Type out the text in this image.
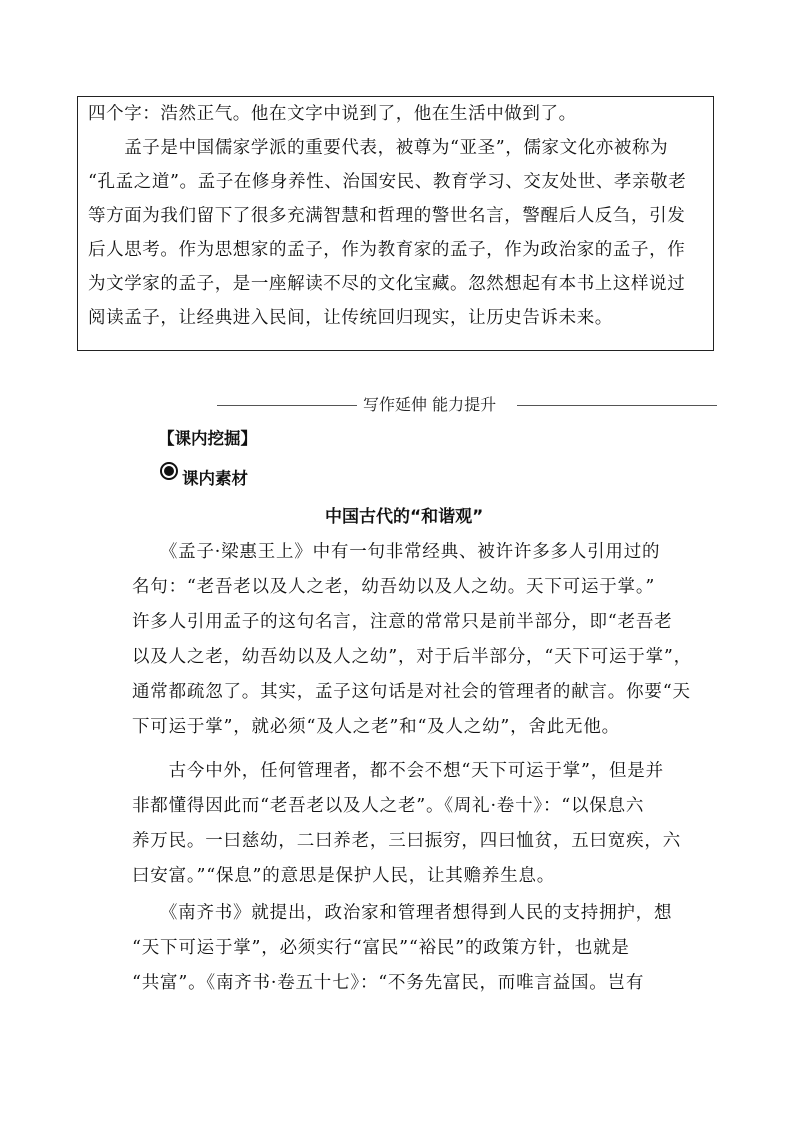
四个字：浩然正气。他在文字中说到了，他在生活中做到了。
　　孟子是中国儒家学派的重要代表，被尊为“亚圣”，儒家文化亦被称为
“孔孟之道”。孟子在修身养性、治国安民、教育学习、交友处世、孝亲敬老
等方面为我们留下了很多充满智慧和哲理的警世名言，警醒后人反刍，引发
后人思考。作为思想家的孟子，作为教育家的孟子，作为政治家的孟子，作
为文学家的孟子，是一座解读不尽的文化宝藏。忽然想起有本书上这样说过
阅读孟子，让经典进入民间，让传统回归现实，让历史告诉未来。
写作延伸 能力提升
【课内挖掘】
课内素材
中国古代的“和谐观”
　　《孟子·梁惠王上》中有一句非常经典、被许许多多人引用过的
名句：“老吾老以及人之老，幼吾幼以及人之幼。天下可运于掌。”
许多人引用孟子的这句名言，注意的常常只是前半部分，即“老吾老
以及人之老，幼吾幼以及人之幼”，对于后半部分，“天下可运于掌”，
通常都疏忽了。其实，孟子这句话是对社会的管理者的献言。你要“天
下可运于掌”，就必须“及人之老”和“及人之幼”，舍此无他。
　　古今中外，任何管理者，都不会不想“天下可运于掌”，但是并
非都懂得因此而“老吾老以及人之老”。《周礼·卷十》：“以保息六
养万民。一曰慈幼，二曰养老，三曰振穷，四曰恤贫，五曰宽疾，六
曰安富。”“保息”的意思是保护人民，让其赡养生息。
　　《南齐书》就提出，政治家和管理者想得到人民的支持拥护，想
“天下可运于掌”，必须实行“富民”“裕民”的政策方针，也就是
“共富”。《南齐书·卷五十七》：“不务先富民，而唯言益国。岂有
